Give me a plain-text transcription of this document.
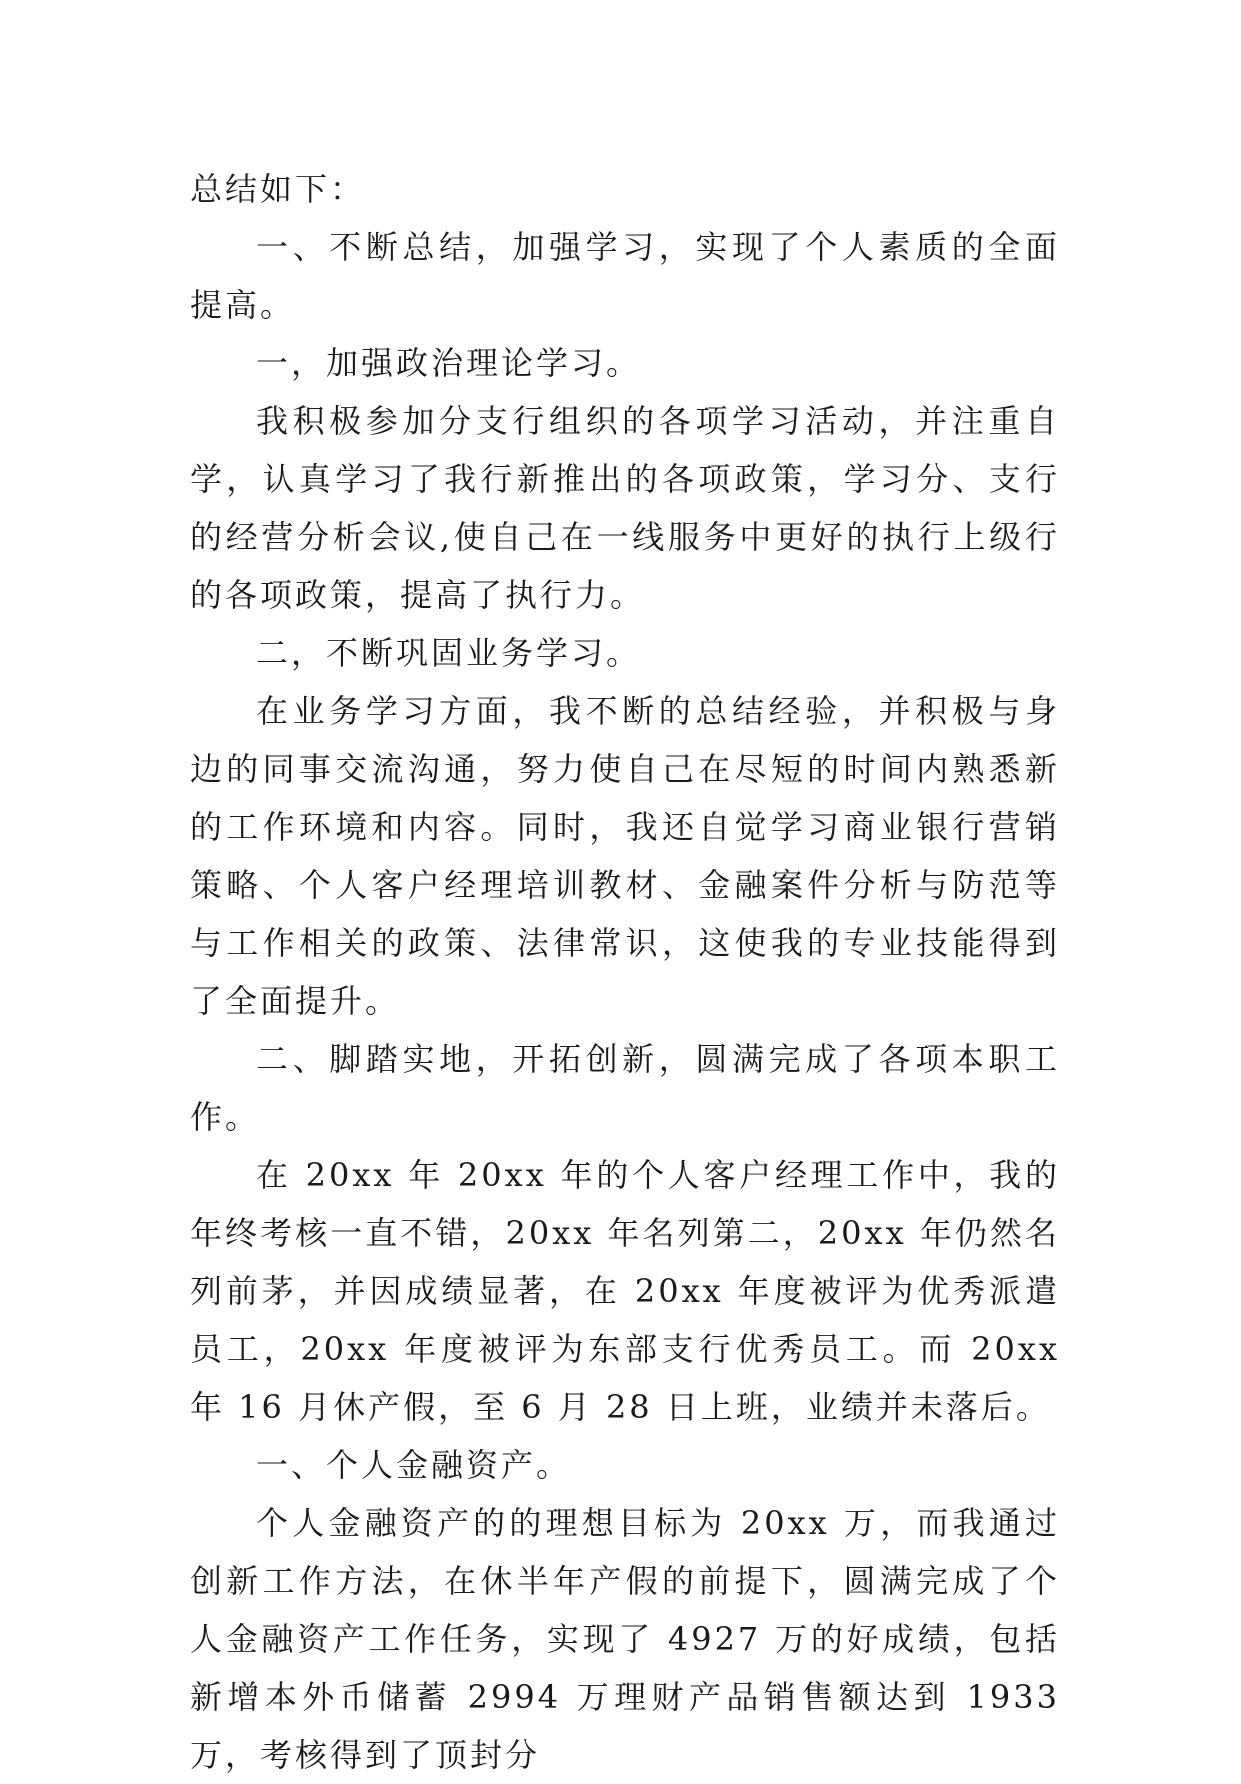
总结如下：

一、不断总结，加强学习，实现了个人素质的全面提高。

一，加强政治理论学习。

我积极参加分支行组织的各项学习活动，并注重自学，认真学习了我行新推出的各项政策，学习分、支行的经营分析会议,使自己在一线服务中更好的执行上级行的各项政策，提高了执行力。

二，不断巩固业务学习。

在业务学习方面，我不断的总结经验，并积极与身边的同事交流沟通，努力使自己在尽短的时间内熟悉新的工作环境和内容。同时，我还自觉学习商业银行营销策略、个人客户经理培训教材、金融案件分析与防范等与工作相关的政策、法律常识，这使我的专业技能得到了全面提升。

二、脚踏实地，开拓创新，圆满完成了各项本职工作。

在 20xx 年 20xx 年的个人客户经理工作中，我的年终考核一直不错，20xx 年名列第二，20xx 年仍然名列前茅，并因成绩显著，在 20xx 年度被评为优秀派遣员工，20xx 年度被评为东部支行优秀员工。而 20xx 年 16 月休产假，至 6 月 28 日上班，业绩并未落后。

一、个人金融资产。

个人金融资产的的理想目标为 20xx 万，而我通过创新工作方法，在休半年产假的前提下，圆满完成了个人金融资产工作任务，实现了 4927 万的好成绩，包括新增本外币储蓄 2994 万理财产品销售额达到 1933 万，考核得到了顶封分
